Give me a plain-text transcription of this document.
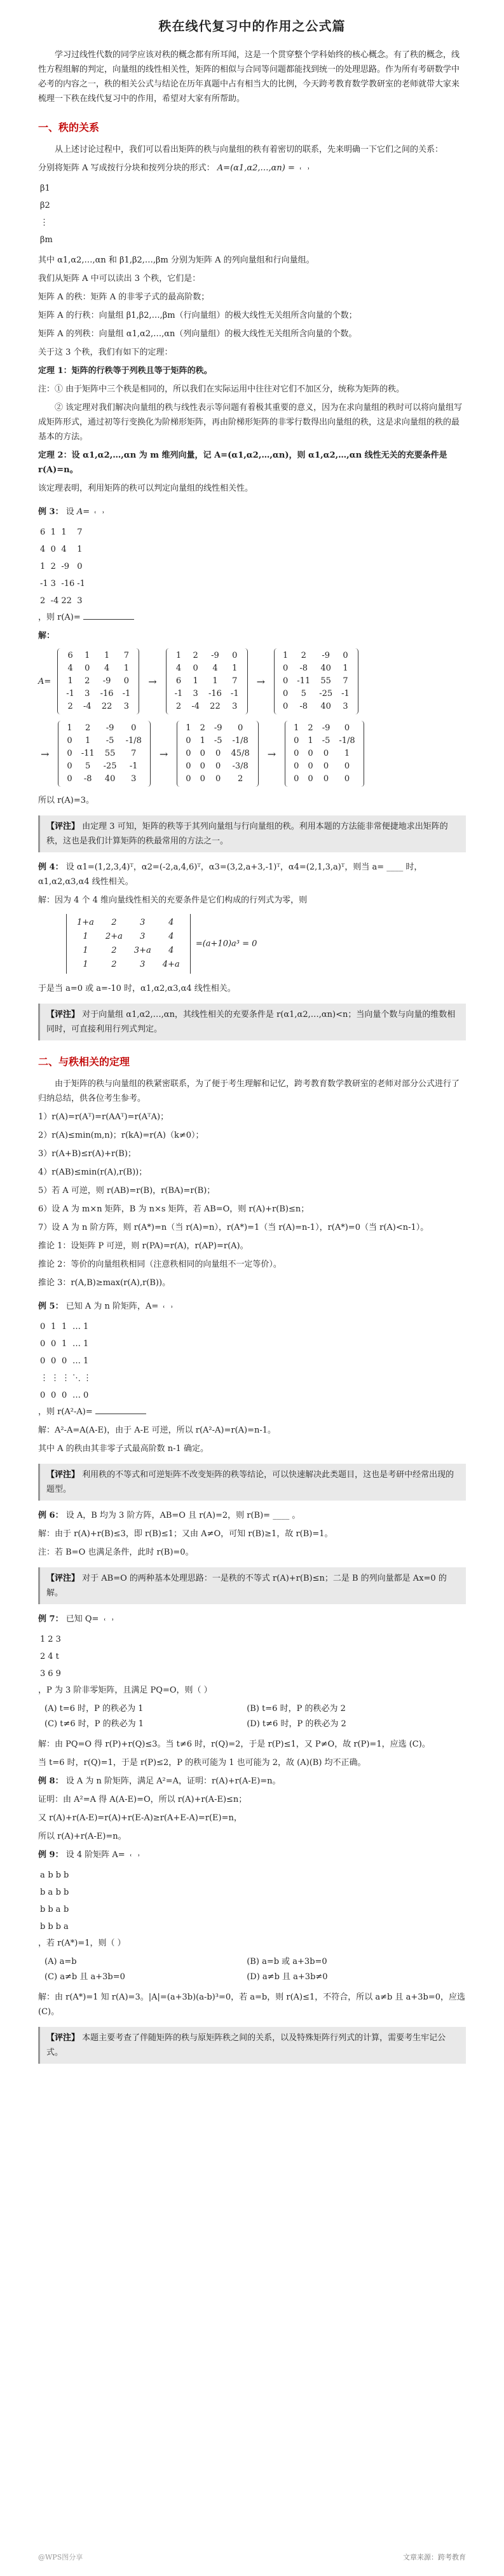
秩在线代复习中的作用之公式篇

学习过线性代数的同学应该对秩的概念都有所耳闻，这是一个贯穿整个学科始终的核心概念。有了秩的概念，线性方程组解的判定，向量组的线性相关性，矩阵的相似与合同等问题都能找到统一的处理思路。作为所有考研数学中必考的内容之一，秩的相关公式与结论在历年真题中占有相当大的比例，今天跨考教育数学教研室的老师就带大家来梳理一下秩在线代复习中的作用，希望对大家有所帮助。

一、秩的关系

从上述讨论过程中，我们可以看出矩阵的秩与向量组的秩有着密切的联系，先来明确一下它们之间的关系：

分别将矩阵 A 写成按行分块和按列分块的形式： A=(α1,α2,…,αn) =

β1
β2
⋮
βm

其中 α1,α2,…,αn 和 β1,β2,…,βm 分别为矩阵 A 的列向量组和行向量组。

我们从矩阵 A 中可以读出 3 个秩，它们是：

矩阵 A 的秩：矩阵 A 的非零子式的最高阶数；

矩阵 A 的行秩：向量组 β1,β2,…,βm（行向量组）的极大线性无关组所含向量的个数；

矩阵 A 的列秩：向量组 α1,α2,…,αn（列向量组）的极大线性无关组所含向量的个数。

关于这 3 个秩，我们有如下的定理：

定理 1：矩阵的行秩等于列秩且等于矩阵的秩。

注：① 由于矩阵中三个秩是相同的，所以我们在实际运用中往往对它们不加区分，统称为矩阵的秩。

② 该定理对我们解决向量组的秩与线性表示等问题有着极其重要的意义，因为在求向量组的秩时可以将向量组写成矩阵形式，通过初等行变换化为阶梯形矩阵，再由阶梯形矩阵的非零行数得出向量组的秩，这是求向量组的秩的最基本的方法。

定理 2：设 α1,α2,…,αn 为 m 维列向量，记 A=(α1,α2,…,αn)，则 α1,α2,…,αn 线性无关的充要条件是 r(A)=n。

该定理表明，利用矩阵的秩可以判定向量组的线性相关性。

例 3： 设 A=

6	1	1	7
4	0	4	1
1	2	-9	0
-1	3	-16	-1
2	-4	22	3
，则 r(A)=

解：

A=
6	1	1	7
4	0	4	1
1	2	-9	0
-1	3	-16	-1
2	-4	22	3
→
1	2	-9	0
4	0	4	1
6	1	1	7
-1	3	-16	-1
2	-4	22	3
→
1	2	-9	0
0	-8	40	1
0	-11	55	7
0	5	-25	-1
0	-8	40	3
→
1	2	-9	0
0	1	-5	-1/8
0	-11	55	7
0	5	-25	-1
0	-8	40	3
→
1	2	-9	0
0	1	-5	-1/8
0	0	0	45/8
0	0	0	-3/8
0	0	0	2
→
1	2	-9	0
0	1	-5	-1/8
0	0	0	1
0	0	0	0
0	0	0	0

所以 r(A)=3。

【评注】 由定理 3 可知，矩阵的秩等于其列向量组与行向量组的秩。利用本题的方法能非常便捷地求出矩阵的秩，这也是我们计算矩阵的秩最常用的方法之一。

例 4： 设 α1=(1,2,3,4)ᵀ，α2=(-2,a,4,6)ᵀ，α3=(3,2,a+3,-1)ᵀ，α4=(2,1,3,a)ᵀ，则当 a= ____ 时，α1,α2,α3,α4 线性相关。

解：因为 4 个 4 维向量线性相关的充要条件是它们构成的行列式为零，则

1+a	2	3	4
1	2+a	3	4
1	2	3+a	4
1	2	3	4+a
=(a+10)a³ = 0

于是当 a=0 或 a=-10 时，α1,α2,α3,α4 线性相关。

【评注】 对于向量组 α1,α2,…,αn，其线性相关的充要条件是 r(α1,α2,…,αn)<n；当向量个数与向量的维数相同时，可直接利用行列式判定。
二、与秩相关的定理

由于矩阵的秩与向量组的秩紧密联系，为了便于考生理解和记忆，跨考教育数学教研室的老师对部分公式进行了归纳总结，供各位考生参考。

1）r(A)=r(Aᵀ)=r(AAᵀ)=r(AᵀA)；

2）r(A)≤min(m,n)；r(kA)=r(A)（k≠0）；

3）r(A+B)≤r(A)+r(B)；

4）r(AB)≤min(r(A),r(B))；

5）若 A 可逆，则 r(AB)=r(B)，r(BA)=r(B)；

6）设 A 为 m×n 矩阵，B 为 n×s 矩阵，若 AB=O，则 r(A)+r(B)≤n；

7）设 A 为 n 阶方阵，则 r(A*)=n（当 r(A)=n），r(A*)=1（当 r(A)=n-1），r(A*)=0（当 r(A)<n-1）。

推论 1：设矩阵 P 可逆，则 r(PA)=r(A)，r(AP)=r(A)。

推论 2：等价的向量组秩相同（注意秩相同的向量组不一定等价）。

推论 3：r(A,B)≥max(r(A),r(B))。

例 5： 已知 A 为 n 阶矩阵，A=

0	1	1	…	1
0	0	1	…	1
0	0	0	…	1
⋮	⋮	⋮	⋱	⋮
0	0	0	…	0
，则 r(A²-A)=

解：A²-A=A(A-E)，由于 A-E 可逆，所以 r(A²-A)=r(A)=n-1。

其中 A 的秩由其非零子式最高阶数 n-1 确定。

【评注】 利用秩的不等式和可逆矩阵不改变矩阵的秩等结论，可以快速解决此类题目，这也是考研中经常出现的题型。

例 6： 设 A，B 均为 3 阶方阵，AB=O 且 r(A)=2，则 r(B)= ____ 。

解：由于 r(A)+r(B)≤3，即 r(B)≤1；又由 A≠O，可知 r(B)≥1，故 r(B)=1。

注：若 B=O 也满足条件，此时 r(B)=0。

【评注】 对于 AB=O 的两种基本处理思路：一是秩的不等式 r(A)+r(B)≤n；二是 B 的列向量都是 Ax=0 的解。

例 7： 已知 Q=

1	2	3
2	4	t
3	6	9
，P 为 3 阶非零矩阵，且满足 PQ=O，则（ ）

(A) t=6 时，P 的秩必为 1	(B) t=6 时，P 的秩必为 2
(C) t≠6 时，P 的秩必为 1	(D) t≠6 时，P 的秩必为 2

解：由 PQ=O 得 r(P)+r(Q)≤3。当 t≠6 时，r(Q)=2，于是 r(P)≤1，又 P≠O，故 r(P)=1，应选 (C)。

当 t=6 时，r(Q)=1，于是 r(P)≤2，P 的秩可能为 1 也可能为 2，故 (A)(B) 均不正确。

例 8： 设 A 为 n 阶矩阵，满足 A²=A，证明：r(A)+r(A-E)=n。

证明：由 A²=A 得 A(A-E)=O，所以 r(A)+r(A-E)≤n；

又 r(A)+r(A-E)=r(A)+r(E-A)≥r(A+E-A)=r(E)=n，

所以 r(A)+r(A-E)=n。

例 9： 设 4 阶矩阵 A=

a	b	b	b
b	a	b	b
b	b	a	b
b	b	b	a
，若 r(A*)=1，则（ ）

(A) a=b	(B) a=b 或 a+3b=0
(C) a≠b 且 a+3b=0	(D) a≠b 且 a+3b≠0

解：由 r(A*)=1 知 r(A)=3。|A|=(a+3b)(a-b)³=0，若 a=b，则 r(A)≤1，不符合，所以 a≠b 且 a+3b=0，应选 (C)。

【评注】 本题主要考查了伴随矩阵的秩与原矩阵秩之间的关系，以及特殊矩阵行列式的计算，需要考生牢记公式。
@WPS图分享	文章来源：跨考教育
